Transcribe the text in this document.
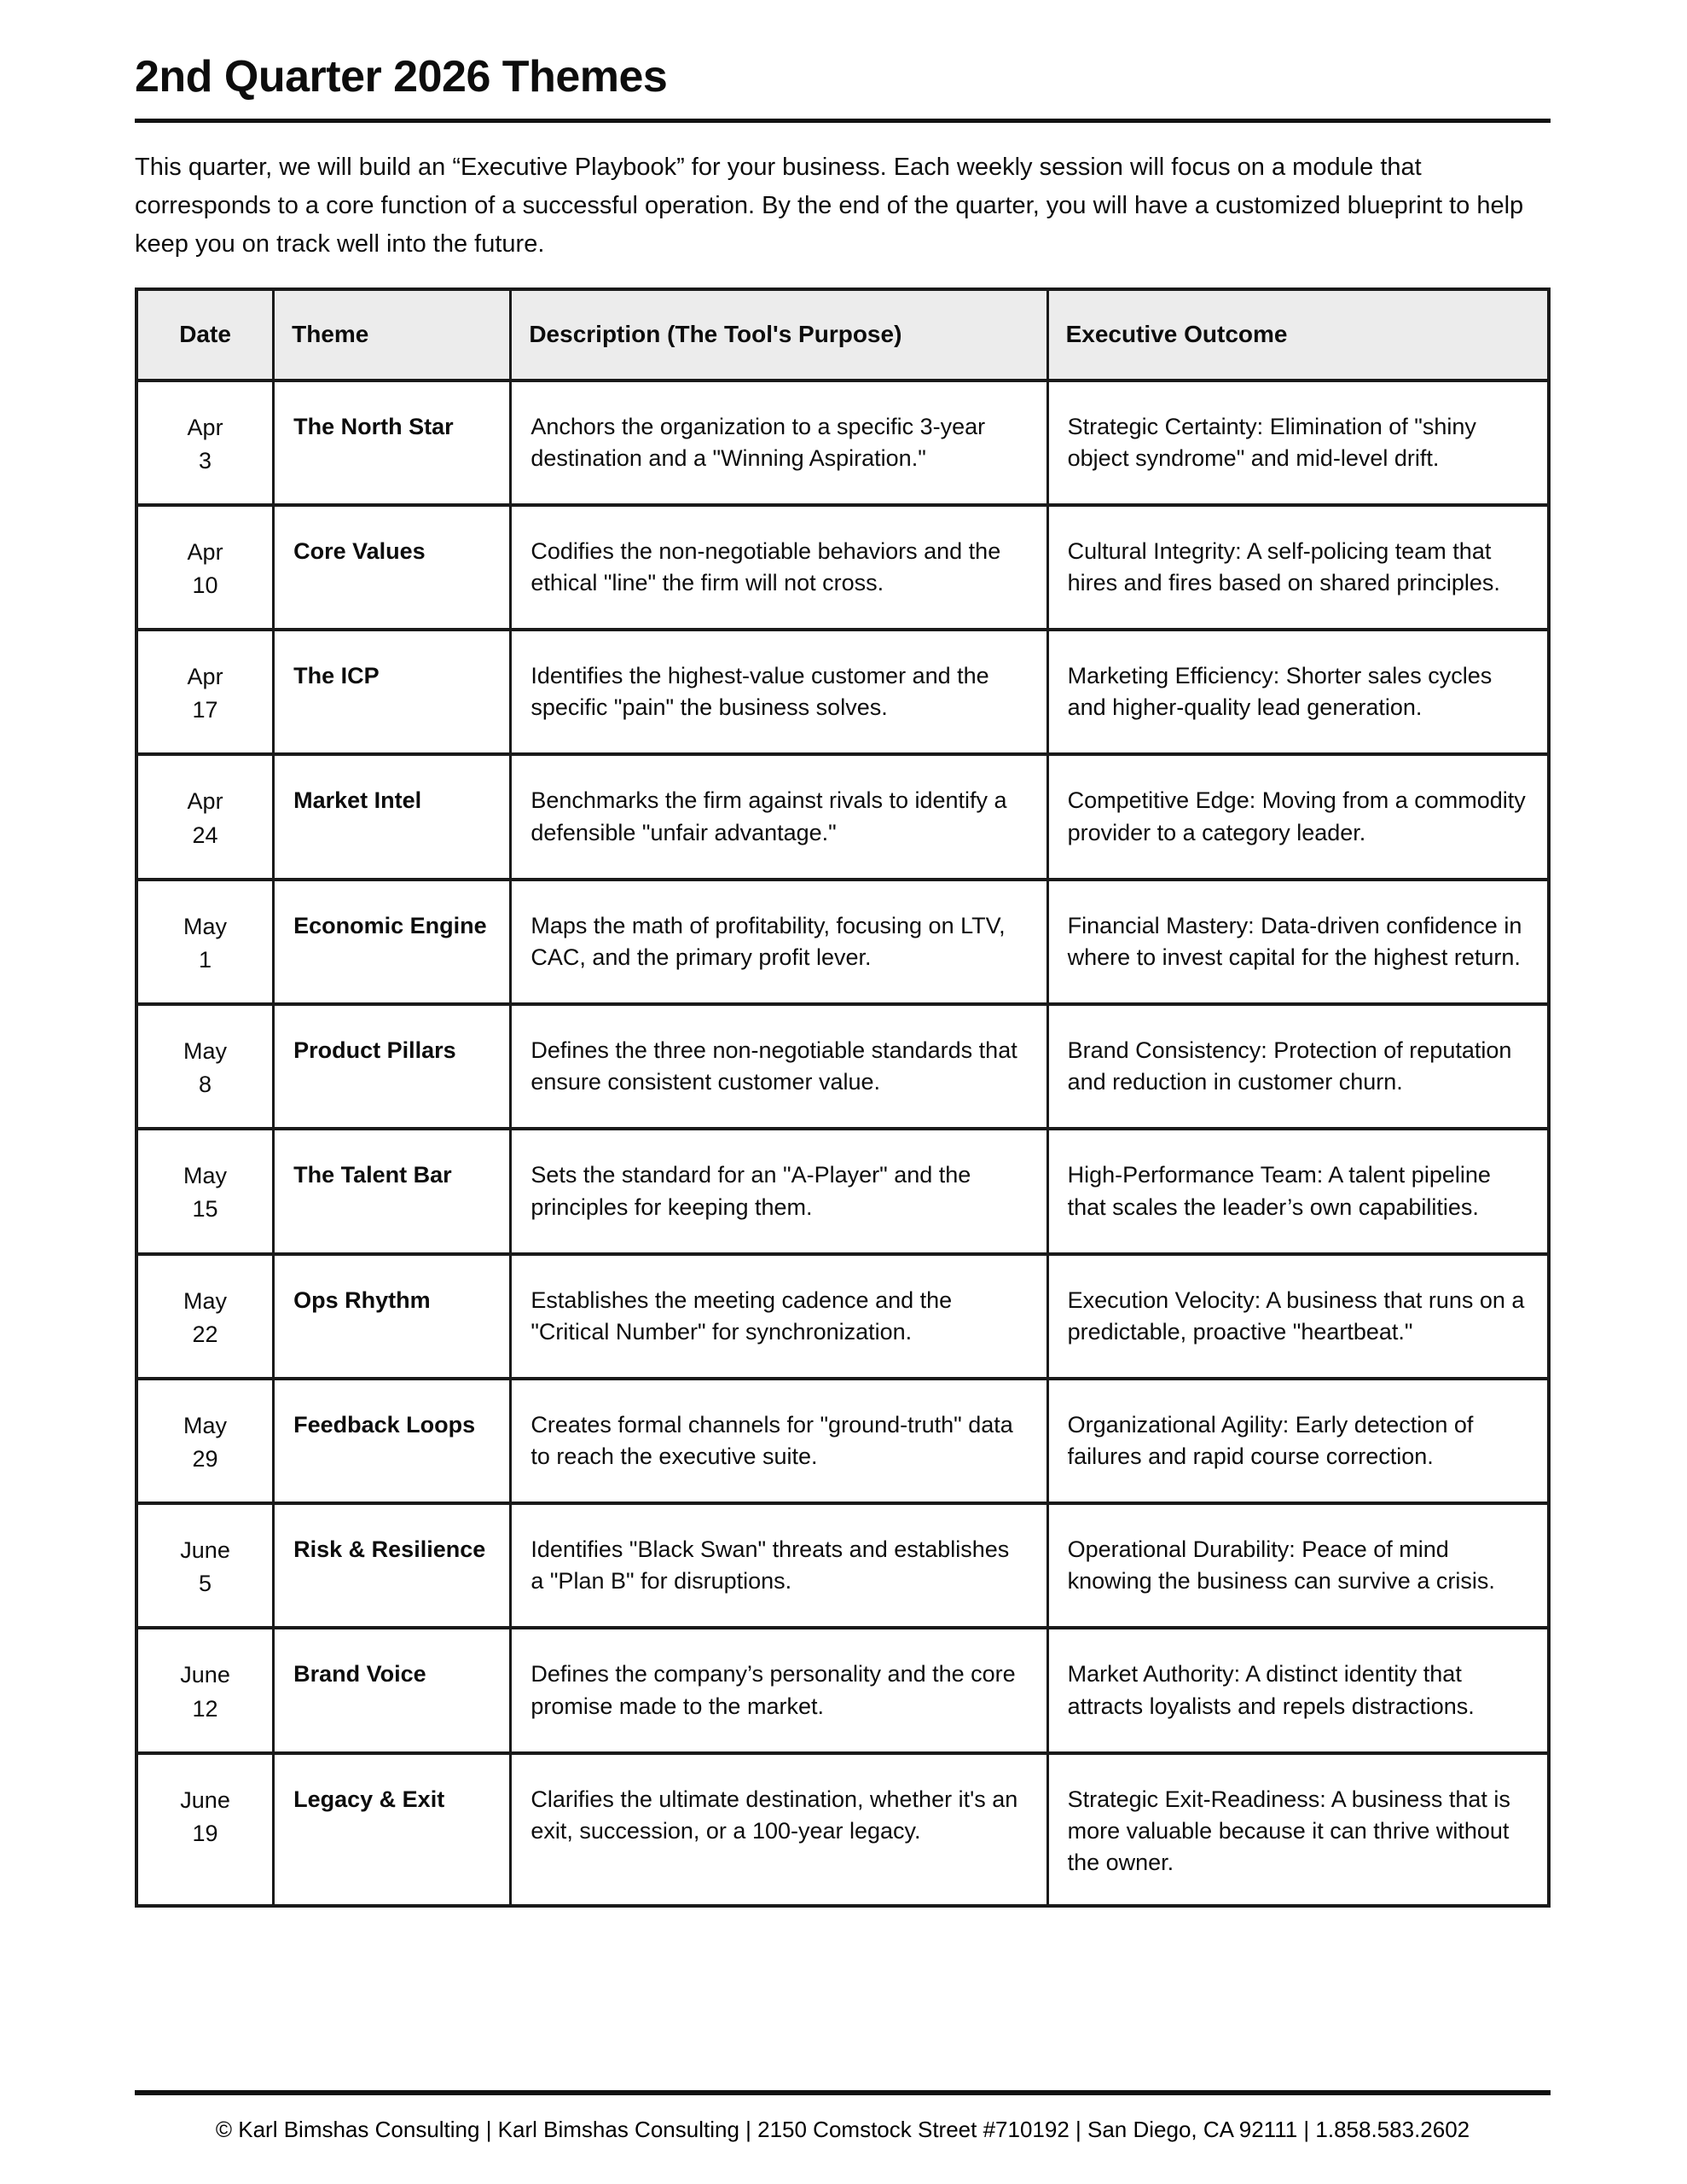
2nd Quarter 2026 Themes

This quarter, we will build an “Executive Playbook” for your business. Each weekly session will focus on a module that corresponds to a core function of a successful operation. By the end of the quarter, you will have a customized blueprint to help keep you on track well into the future.

Date	Theme	Description (The Tool's Purpose)	Executive Outcome

Apr
3	The North Star	Anchors the organization to a specific 3-year destination and a "Winning Aspiration."	Strategic Certainty: Elimination of "shiny object syndrome" and mid-level drift.

Apr
10	Core Values	Codifies the non-negotiable behaviors and the ethical "line" the firm will not cross.	Cultural Integrity: A self-policing team that hires and fires based on shared principles.

Apr
17	The ICP	Identifies the highest-value customer and the specific "pain" the business solves.	Marketing Efficiency: Shorter sales cycles and higher-quality lead generation.

Apr
24	Market Intel	Benchmarks the firm against rivals to identify a defensible "unfair advantage."	Competitive Edge: Moving from a commodity provider to a category leader.

May
1	Economic Engine	Maps the math of profitability, focusing on LTV, CAC, and the primary profit lever.	Financial Mastery: Data-driven confidence in where to invest capital for the highest return.

May
8	Product Pillars	Defines the three non-negotiable standards that ensure consistent customer value.	Brand Consistency: Protection of reputation and reduction in customer churn.

May
15	The Talent Bar	Sets the standard for an "A-Player" and the principles for keeping them.	High-Performance Team: A talent pipeline that scales the leader’s own capabilities.

May
22	Ops Rhythm	Establishes the meeting cadence and the "Critical Number" for synchronization.	Execution Velocity: A business that runs on a predictable, proactive "heartbeat."

May
29	Feedback Loops	Creates formal channels for "ground-truth" data to reach the executive suite.	Organizational Agility: Early detection of failures and rapid course correction.

June
5	Risk & Resilience	Identifies "Black Swan" threats and establishes a "Plan B" for disruptions.	Operational Durability: Peace of mind knowing the business can survive a crisis.

June
12	Brand Voice	Defines the company’s personality and the core promise made to the market.	Market Authority: A distinct identity that attracts loyalists and repels distractions.

June
19	Legacy & Exit	Clarifies the ultimate destination, whether it's an exit, succession, or a 100-year legacy.	Strategic Exit-Readiness: A business that is more valuable because it can thrive without the owner.
© Karl Bimshas Consulting | Karl Bimshas Consulting | 2150 Comstock Street #710192 | San Diego, CA 92111 | 1.858.583.2602
